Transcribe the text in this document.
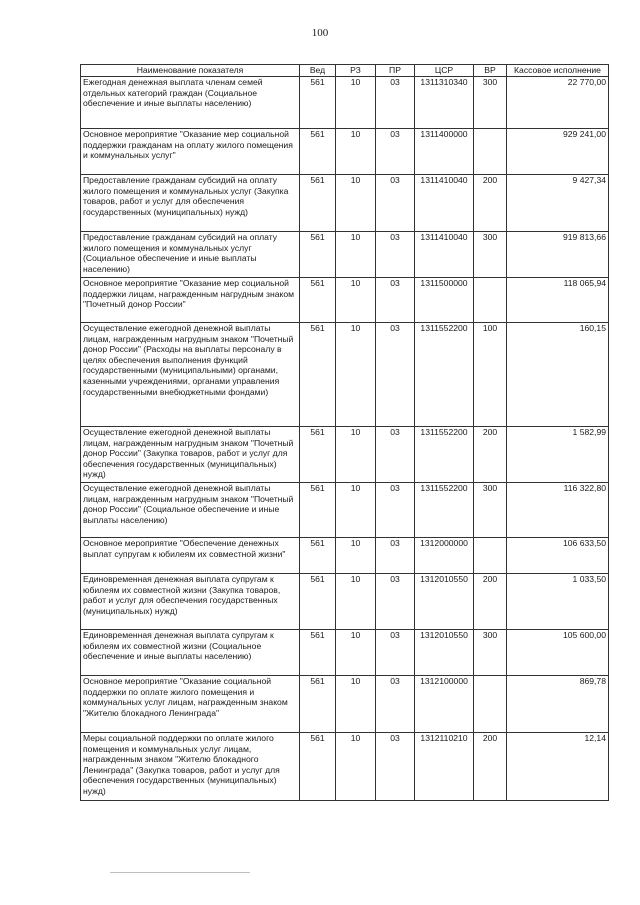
100
Наименование показателя	Вед	РЗ	ПР	ЦСР	ВР	Кассовое исполнение
Ежегодная денежная выплата членам семей отдельных категорий граждан (Социальное обеспечение и иные выплаты населению)	561	10	03	1311310340	300	22 770,00
Основное мероприятие "Оказание мер социальной поддержки гражданам на оплату жилого помещения и коммунальных услуг"	561	10	03	1311400000		929 241,00
Предоставление гражданам субсидий на оплату жилого помещения и коммунальных услуг (Закупка товаров, работ и услуг для обеспечения государственных (муниципальных) нужд)	561	10	03	1311410040	200	9 427,34
Предоставление гражданам субсидий на оплату жилого помещения и коммунальных услуг (Социальное обеспечение и иные выплаты населению)	561	10	03	1311410040	300	919 813,66
Основное мероприятие "Оказание мер социальной поддержки лицам, награжденным нагрудным знаком "Почетный донор России"	561	10	03	1311500000		118 065,94
Осуществление ежегодной денежной выплаты лицам, награжденным нагрудным знаком "Почетный донор России" (Расходы на выплаты персоналу в целях обеспечения выполнения функций государственными (муниципальными) органами, казенными учреждениями, органами управления государственными внебюджетными фондами)	561	10	03	1311552200	100	160,15
Осуществление ежегодной денежной выплаты лицам, награжденным нагрудным знаком "Почетный донор России" (Закупка товаров, работ и услуг для обеспечения государственных (муниципальных) нужд)	561	10	03	1311552200	200	1 582,99
Осуществление ежегодной денежной выплаты лицам, награжденным нагрудным знаком "Почетный донор России" (Социальное обеспечение и иные выплаты населению)	561	10	03	1311552200	300	116 322,80
Основное мероприятие "Обеспечение денежных выплат супругам к юбилеям их совместной жизни"	561	10	03	1312000000		106 633,50
Единовременная денежная выплата супругам к юбилеям их совместной жизни (Закупка товаров, работ и услуг для обеспечения государственных (муниципальных) нужд)	561	10	03	1312010550	200	1 033,50
Единовременная денежная выплата супругам к юбилеям их совместной жизни (Социальное обеспечение и иные выплаты населению)	561	10	03	1312010550	300	105 600,00
Основное мероприятие "Оказание социальной поддержки по оплате жилого помещения и коммунальных услуг лицам, награжденным знаком "Жителю блокадного Ленинграда"	561	10	03	1312100000		869,78
Меры социальной поддержки по оплате жилого помещения и коммунальных услуг лицам, награжденным знаком "Жителю блокадного Ленинграда" (Закупка товаров, работ и услуг для обеспечения государственных (муниципальных) нужд)	561	10	03	1312110210	200	12,14
